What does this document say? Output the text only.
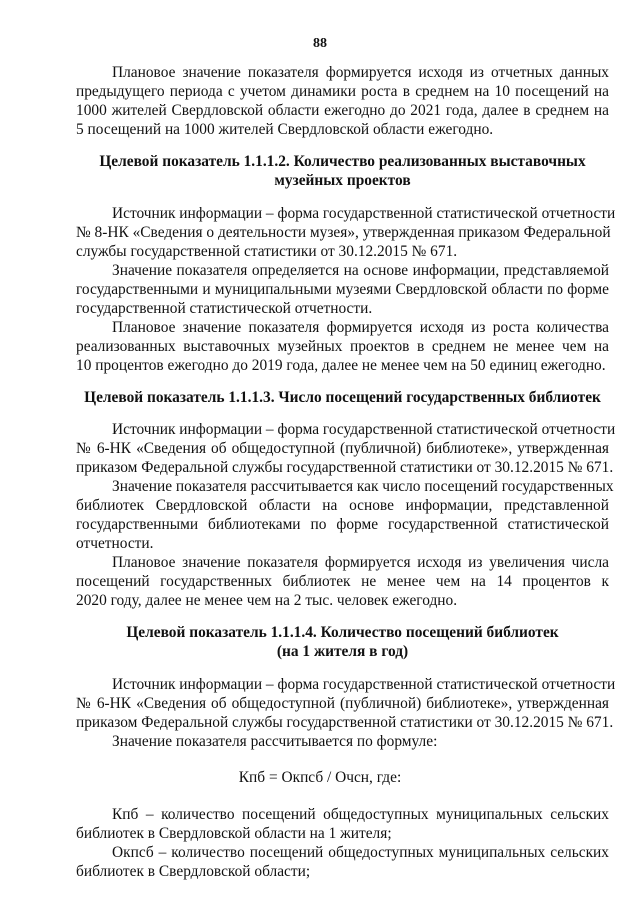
88
Плановое значение показателя формируется исходя из отчетных данных
предыдущего периода с учетом динамики роста в среднем на 10 посещений на
1000 жителей Свердловской области ежегодно до 2021 года, далее в среднем на
5 посещений на 1000 жителей Свердловской области ежегодно.
Целевой показатель 1.1.1.2. Количество реализованных выставочных
музейных проектов
Источник информации – форма государственной статистической отчетности
№ 8-НК «Сведения о деятельности музея», утвержденная приказом Федеральной
службы государственной статистики от 30.12.2015 № 671.
Значение показателя определяется на основе информации, представляемой
государственными и муниципальными музеями Свердловской области по форме
государственной статистической отчетности.
Плановое значение показателя формируется исходя из роста количества
реализованных выставочных музейных проектов в среднем не менее чем на
10 процентов ежегодно до 2019 года, далее не менее чем на 50 единиц ежегодно.
Целевой показатель 1.1.1.3. Число посещений государственных библиотек
Источник информации – форма государственной статистической отчетности
№ 6-НК «Сведения об общедоступной (публичной) библиотеке», утвержденная
приказом Федеральной службы государственной статистики от 30.12.2015 № 671.
Значение показателя рассчитывается как число посещений государственных
библиотек Свердловской области на основе информации, представленной
государственными библиотеками по форме государственной статистической
отчетности.
Плановое значение показателя формируется исходя из увеличения числа
посещений государственных библиотек не менее чем на 14 процентов к
2020 году, далее не менее чем на 2 тыс. человек ежегодно.
Целевой показатель 1.1.1.4. Количество посещений библиотек
(на 1 жителя в год)
Источник информации – форма государственной статистической отчетности
№ 6-НК «Сведения об общедоступной (публичной) библиотеке», утвержденная
приказом Федеральной службы государственной статистики от 30.12.2015 № 671.
Значение показателя рассчитывается по формуле:
Кпб = Окпсб / Очсн, где:
Кпб – количество посещений общедоступных муниципальных сельских
библиотек в Свердловской области на 1 жителя;
Окпсб – количество посещений общедоступных муниципальных сельских
библиотек в Свердловской области;
